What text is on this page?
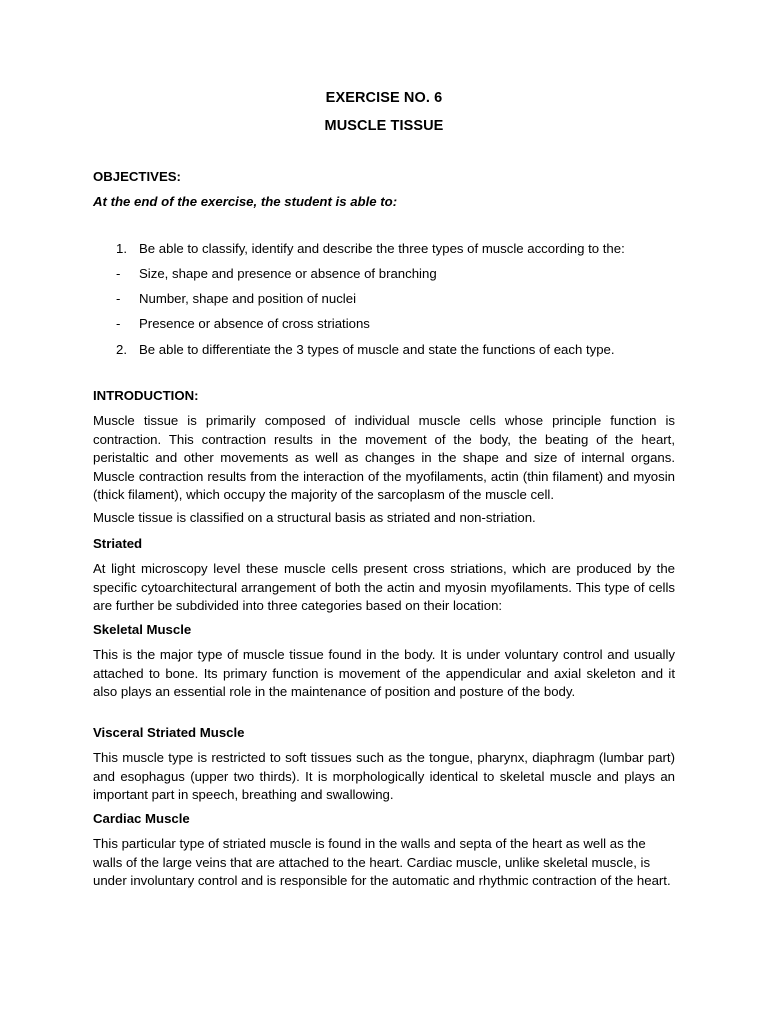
EXERCISE NO. 6
MUSCLE TISSUE
OBJECTIVES:
At the end of the exercise, the student is able to:
1. Be able to classify, identify and describe the three types of muscle according to the:
-	Size, shape and presence or absence of branching
-	Number, shape and position of nuclei
-	Presence or absence of cross striations
2. Be able to differentiate the 3 types of muscle and state the functions of each type.
INTRODUCTION:
Muscle tissue is primarily composed of individual muscle cells whose principle function is contraction. This contraction results in the movement of the body, the beating of the heart, peristaltic and other movements as well as changes in the shape and size of internal organs. Muscle contraction results from the interaction of the myofilaments, actin (thin filament) and myosin (thick filament), which occupy the majority of the sarcoplasm of the muscle cell.
Muscle tissue is classified on a structural basis as striated and non-striation.
Striated
At light microscopy level these muscle cells present cross striations, which are produced by the specific cytoarchitectural arrangement of both the actin and myosin myofilaments. This type of cells are further be subdivided into three categories based on their location:
Skeletal Muscle
This is the major type of muscle tissue found in the body. It is under voluntary control and usually attached to bone. Its primary function is movement of the appendicular and axial skeleton and it also plays an essential role in the maintenance of position and posture of the body.
Visceral Striated Muscle
This muscle type is restricted to soft tissues such as the tongue, pharynx, diaphragm (lumbar part) and esophagus (upper two thirds). It is morphologically identical to skeletal muscle and plays an important part in speech, breathing and swallowing.
Cardiac Muscle
This particular type of striated muscle is found in the walls and septa of the heart as well as the walls of the large veins that are attached to the heart. Cardiac muscle, unlike skeletal muscle, is under involuntary control and is responsible for the automatic and rhythmic contraction of the heart.
